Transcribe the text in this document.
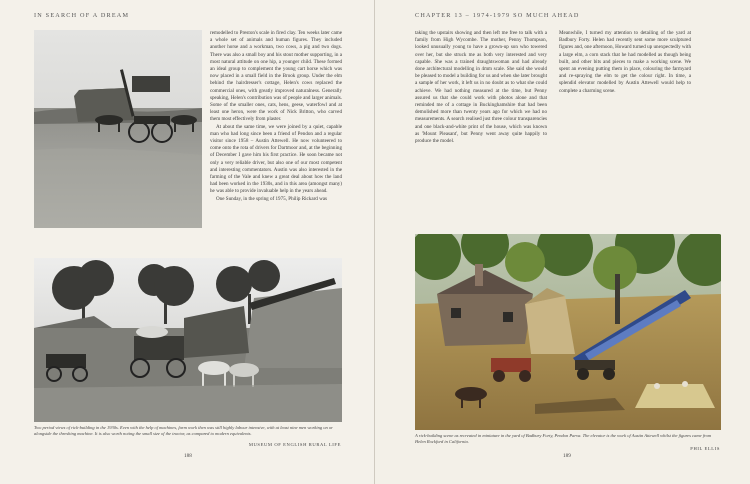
IN SEARCH OF A DREAM

remodelled to Preston's scale in fired clay. Ten weeks later came a whole set of animals and human figures. They included another horse and a workman, two cows, a pig and two dogs. There was also a small boy and his stout mother supporting, in a most natural attitude on one hip, a younger child. These formed an ideal group to complement the young cart horse which was now placed in a small field in the Brook group. Under the elm behind the hairdresser's cottage, Helen's cows replaced the commercial ones, with greatly improved naturalness. Generally speaking, Helen's contribution was of people and larger animals. Some of the smaller ones, cats, hens, geese, waterfowl and at least one heron, were the work of Nick Britton, who carved them most effectively from plaster.

At about the same time, we were joined by a quiet, capable man who had long since been a friend of Pendon and a regular visitor since 1958 – Austin Attewell. He now volunteered to come onto the rota of drivers for Dartmoor and, at the beginning of December I gave him his first practice. He soon became not only a very reliable driver, but also one of our most competent and interesting commentators. Austin was also interested in the farming of the Vale and knew a great deal about how the land had been worked in the 1930s, and in this area (amongst many) he was able to provide invaluable help in the years ahead.

One Sunday, in the spring of 1975, Philip Rickard was

Two period views of rick-building in the 1930s. Even with the help of machines, farm work then was still highly labour intensive, with at least nine men working on or alongside the threshing machine. It is also worth noting the small size of the tractor, as compared to modern equivalents.
MUSEUM OF ENGLISH RURAL LIFE
188
CHAPTER 13 – 1974-1979 SO MUCH AHEAD

taking the upstairs showing and then left me free to talk with a family from High Wycombe. The mother, Penny Thompson, looked unusually young to have a grown-up son who towered over her, but she struck me as both very interested and very capable. She was a trained draughtswoman and had already done architectural modelling in 4mm scale. She said she would be pleased to model a building for us and when she later brought a sample of her work, it left us in no doubt as to what she could achieve. We had nothing measured at the time, but Penny assured us that she could work with photos alone and that reminded me of a cottage in Buckinghamshire that had been demolished more than twenty years ago for which we had no measurements. A search realised just three colour transparencies and one black-and-white print of the house, which was known as 'Mount Pleasant', but Penny went away quite happily to produce the model.

Meanwhile, I turned my attention to detailing of the yard at Badbury Forty. Helen had recently sent some more sculptured figures and, one afternoon, Howard turned up unexpectedly with a large elm, a corn stack that he had modelled as though being built, and other bits and pieces to make a working scene. We spent an evening putting them in place, colouring the farmyard and re-spraying the elm to get the colour right. In time, a splendid elevator modelled by Austin Attewell would help to complete a charming scene.

A rick-building scene as recreated in miniature in the yard of Badbury Forty, Pendon Parva. The elevator is the work of Austin Attewell whilst the figures came from Helen Rockford in California.
PHIL ELLIS
189
